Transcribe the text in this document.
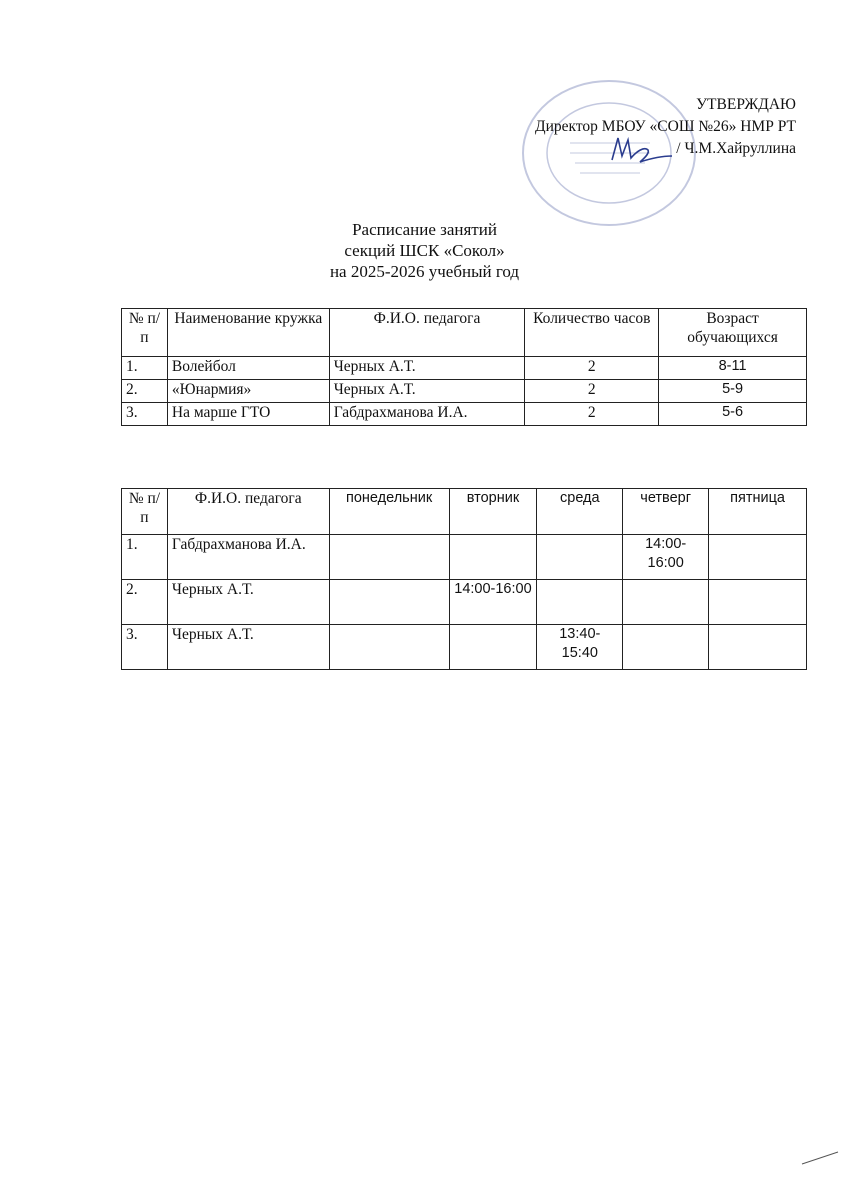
УТВЕРЖДАЮ
Директор МБОУ «СОШ №26» НМР РТ
/ Ч.М.Хайруллина
Расписание занятий
секций ШСК «Сокол»
на 2025-2026 учебный год
№ п/п	Наименование кружка	Ф.И.О. педагога	Количество часов	Возраст обучающихся
1.	Волейбол	Черных А.Т.	2	8-11
2.	«Юнармия»	Черных А.Т.	2	5-9
3.	На марше ГТО	Габдрахманова И.А.	2	5-6
№ п/п	Ф.И.О. педагога	понедельник	вторник	среда	четверг	пятница
1.	Габдрахманова И.А.				14:00-16:00	
2.	Черных А.Т.		14:00-16:00			
3.	Черных А.Т.			13:40-15:40		
